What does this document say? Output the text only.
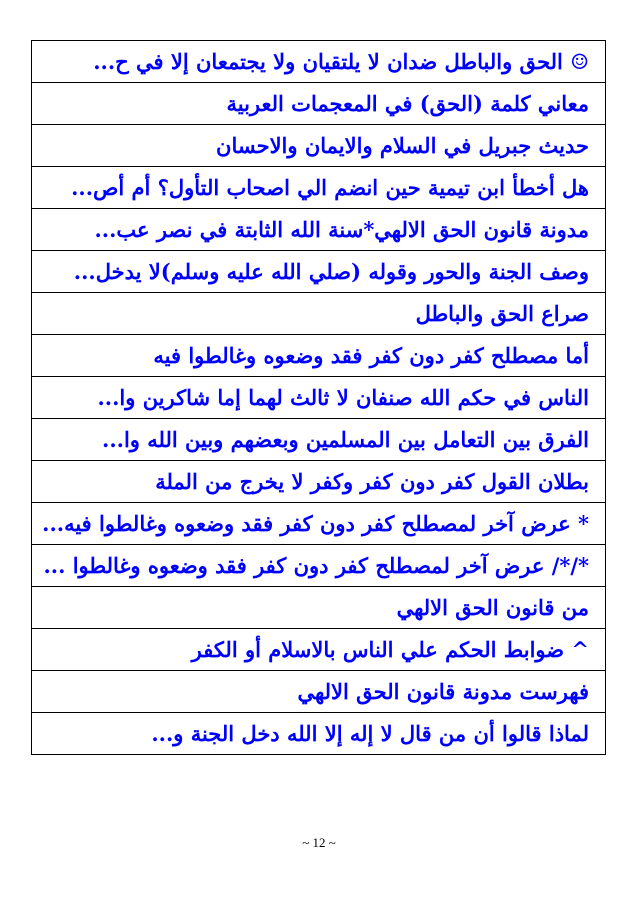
☺ الحق والباطل ضدان لا يلتقيان ولا يجتمعان إلا في ح...
معاني كلمة (الحق) في المعجمات العربية
حديث جبريل في السلام والايمان والاحسان
هل أخطأ ابن تيمية حين انضم الي اصحاب التأول؟ أم أص...
مدونة قانون الحق الالهي*سنة الله الثابتة في نصر عب...
وصف الجنة والحور وقوله (صلي الله عليه وسلم)لا يدخل...
صراع الحق والباطل
أما مصطلح كفر دون كفر فقد وضعوه وغالطوا فيه
الناس في حكم الله صنفان لا ثالث لهما إما شاكرين وا...
الفرق بين التعامل بين المسلمين وبعضهم وبين الله وا...
بطلان القول كفر دون كفر وكفر لا يخرج من الملة
* عرض آخر لمصطلح كفر دون كفر فقد وضعوه وغالطوا فيه...
*/*/ عرض آخر لمصطلح كفر دون كفر فقد وضعوه وغالطوا ...
من قانون الحق الالهي
^ ضوابط الحكم علي الناس بالاسلام أو الكفر
فهرست مدونة قانون الحق الالهي
لماذا قالوا أن من قال لا إله إلا الله دخل الجنة و...
~ 12 ~
